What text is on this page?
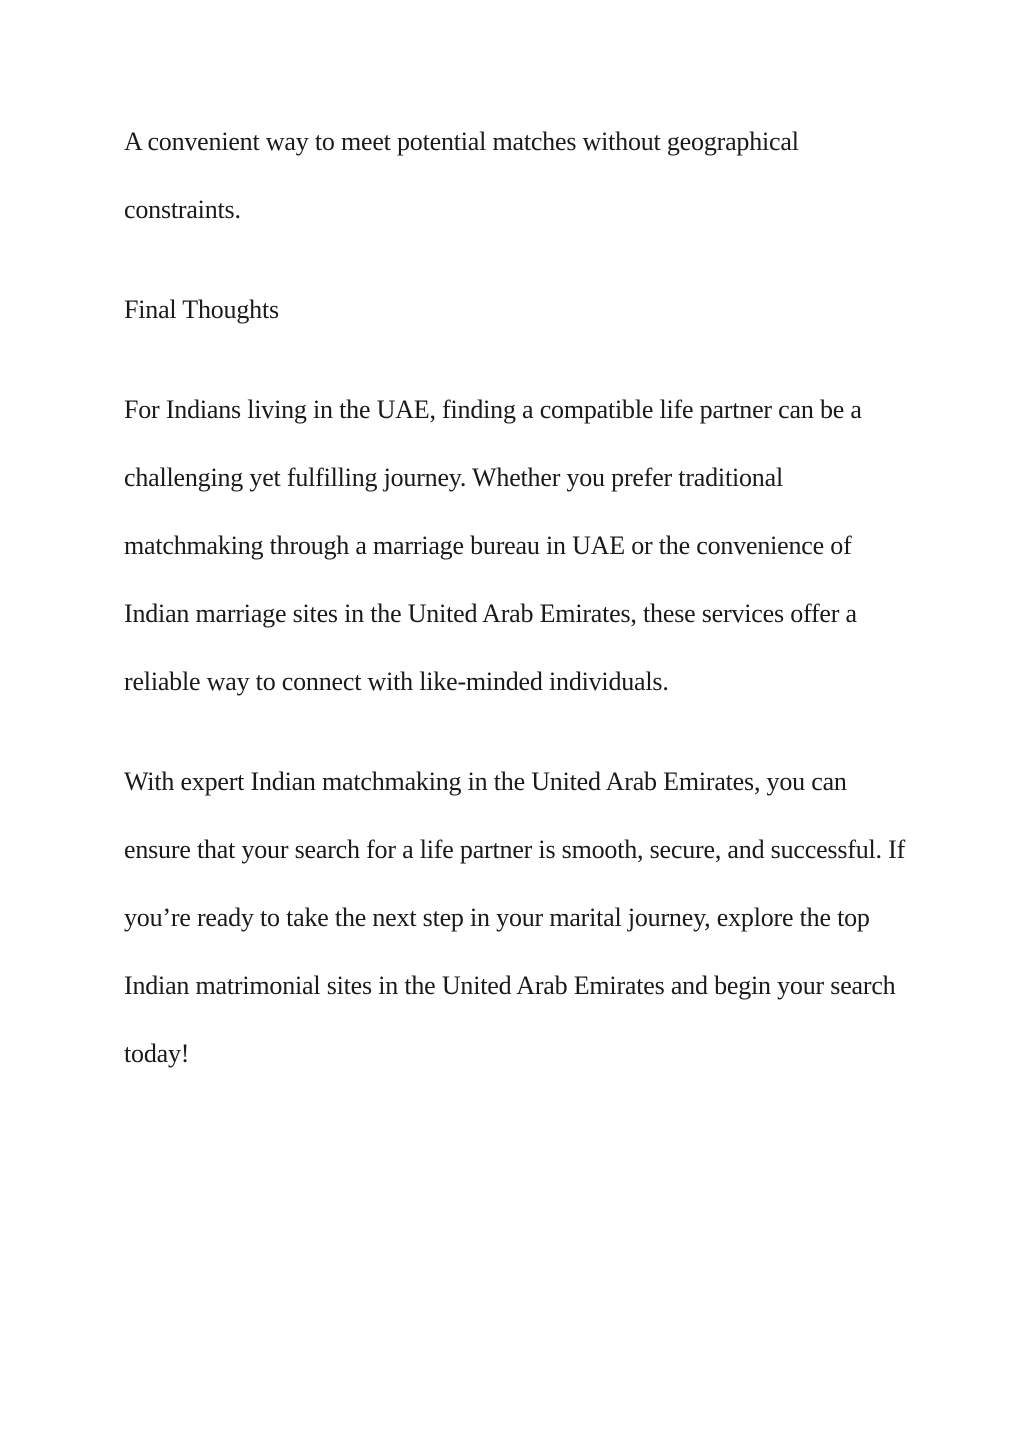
A convenient way to meet potential matches without geographical constraints.

Final Thoughts

For Indians living in the UAE, finding a compatible life partner can be a challenging yet fulfilling journey. Whether you prefer traditional matchmaking through a marriage bureau in UAE or the convenience of Indian marriage sites in the United Arab Emirates, these services offer a reliable way to connect with like-minded individuals.

With expert Indian matchmaking in the United Arab Emirates, you can ensure that your search for a life partner is smooth, secure, and successful. If you’re ready to take the next step in your marital journey, explore the top Indian matrimonial sites in the United Arab Emirates and begin your search today!
